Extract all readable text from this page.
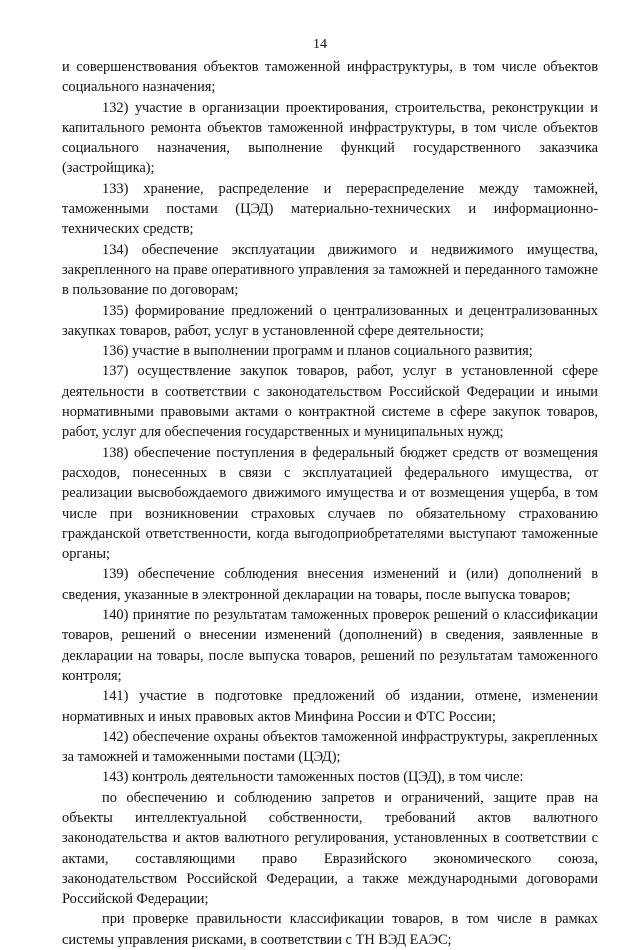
14

и совершенствования объектов таможенной инфраструктуры, в том числе объектов социального назначения;

132) участие в организации проектирования, строительства, реконструкции и капитального ремонта объектов таможенной инфраструктуры, в том числе объектов социального назначения, выполнение функций государственного заказчика (застройщика);

133) хранение, распределение и перераспределение между таможней, таможенными постами (ЦЭД) материально-технических и информационно-технических средств;

134) обеспечение эксплуатации движимого и недвижимого имущества, закрепленного на праве оперативного управления за таможней и переданного таможне в пользование по договорам;

135) формирование предложений о централизованных и децентрализованных закупках товаров, работ, услуг в установленной сфере деятельности;

136) участие в выполнении программ и планов социального развития;

137) осуществление закупок товаров, работ, услуг в установленной сфере деятельности в соответствии с законодательством Российской Федерации и иными нормативными правовыми актами о контрактной системе в сфере закупок товаров, работ, услуг для обеспечения государственных и муниципальных нужд;

138) обеспечение поступления в федеральный бюджет средств от возмещения расходов, понесенных в связи с эксплуатацией федерального имущества, от реализации высвобождаемого движимого имущества и от возмещения ущерба, в том числе при возникновении страховых случаев по обязательному страхованию гражданской ответственности, когда выгодоприобретателями выступают таможенные органы;

139) обеспечение соблюдения внесения изменений и (или) дополнений в сведения, указанные в электронной декларации на товары, после выпуска товаров;

140) принятие по результатам таможенных проверок решений о классификации товаров, решений о внесении изменений (дополнений) в сведения, заявленные в декларации на товары, после выпуска товаров, решений по результатам таможенного контроля;

141) участие в подготовке предложений об издании, отмене, изменении нормативных и иных правовых актов Минфина России и ФТС России;

142) обеспечение охраны объектов таможенной инфраструктуры, закрепленных за таможней и таможенными постами (ЦЭД);

143) контроль деятельности таможенных постов (ЦЭД), в том числе:

по обеспечению и соблюдению запретов и ограничений, защите прав на объекты интеллектуальной собственности, требований актов валютного законодательства и актов валютного регулирования, установленных в соответствии с актами, составляющими право Евразийского экономического союза, законодательством Российской Федерации, а также международными договорами Российской Федерации;

при проверке правильности классификации товаров, в том числе в рамках системы управления рисками, в соответствии с ТН ВЭД ЕАЭС;
